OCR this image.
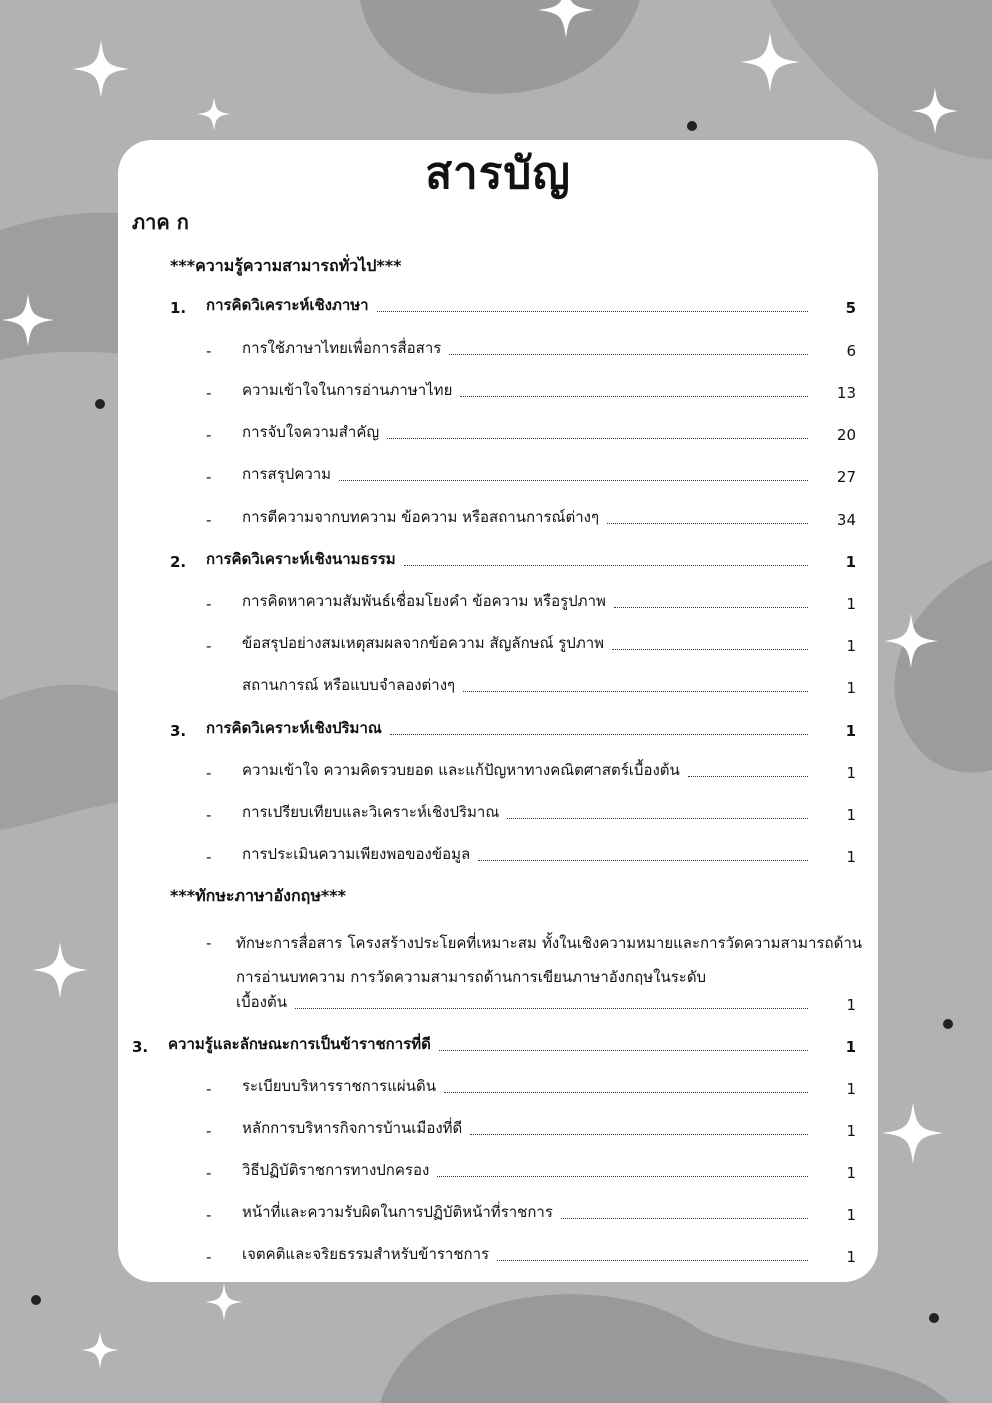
สารบัญ
ภาค ก
***ความรู้ความสามารถทั่วไป***
1.	การคิดวิเคราะห์เชิงภาษา	5
-	การใช้ภาษาไทยเพื่อการสื่อสาร	6
-	ความเข้าใจในการอ่านภาษาไทย	13
-	การจับใจความสำคัญ	20
-	การสรุปความ	27
-	การตีความจากบทความ ข้อความ หรือสถานการณ์ต่างๆ	34
2.	การคิดวิเคราะห์เชิงนามธรรม	1
-	การคิดหาความสัมพันธ์เชื่อมโยงคำ ข้อความ หรือรูปภาพ	1
-	ข้อสรุปอย่างสมเหตุสมผลจากข้อความ สัญลักษณ์ รูปภาพ	1
สถานการณ์ หรือแบบจำลองต่างๆ	1
3.	การคิดวิเคราะห์เชิงปริมาณ	1
-	ความเข้าใจ ความคิดรวบยอด และแก้ปัญหาทางคณิตศาสตร์เบื้องต้น	1
-	การเปรียบเทียบและวิเคราะห์เชิงปริมาณ	1
-	การประเมินความเพียงพอของข้อมูล	1
***ทักษะภาษาอังกฤษ***
- ทักษะการสื่อสาร โครงสร้างประโยคที่เหมาะสม ทั้งในเชิงความหมายและการวัดความสามารถด้านการอ่านบทความ การวัดความสามารถด้านการเขียนภาษาอังกฤษในระดับ
เบื้องต้น	1
3.	ความรู้และลักษณะการเป็นข้าราชการที่ดี	1
-	ระเบียบบริหารราชการแผ่นดิน	1
-	หลักการบริหารกิจการบ้านเมืองที่ดี	1
-	วิธีปฏิบัติราชการทางปกครอง	1
-	หน้าที่และความรับผิดในการปฏิบัติหน้าที่ราชการ	1
-	เจตคติและจริยธรรมสำหรับข้าราชการ	1
